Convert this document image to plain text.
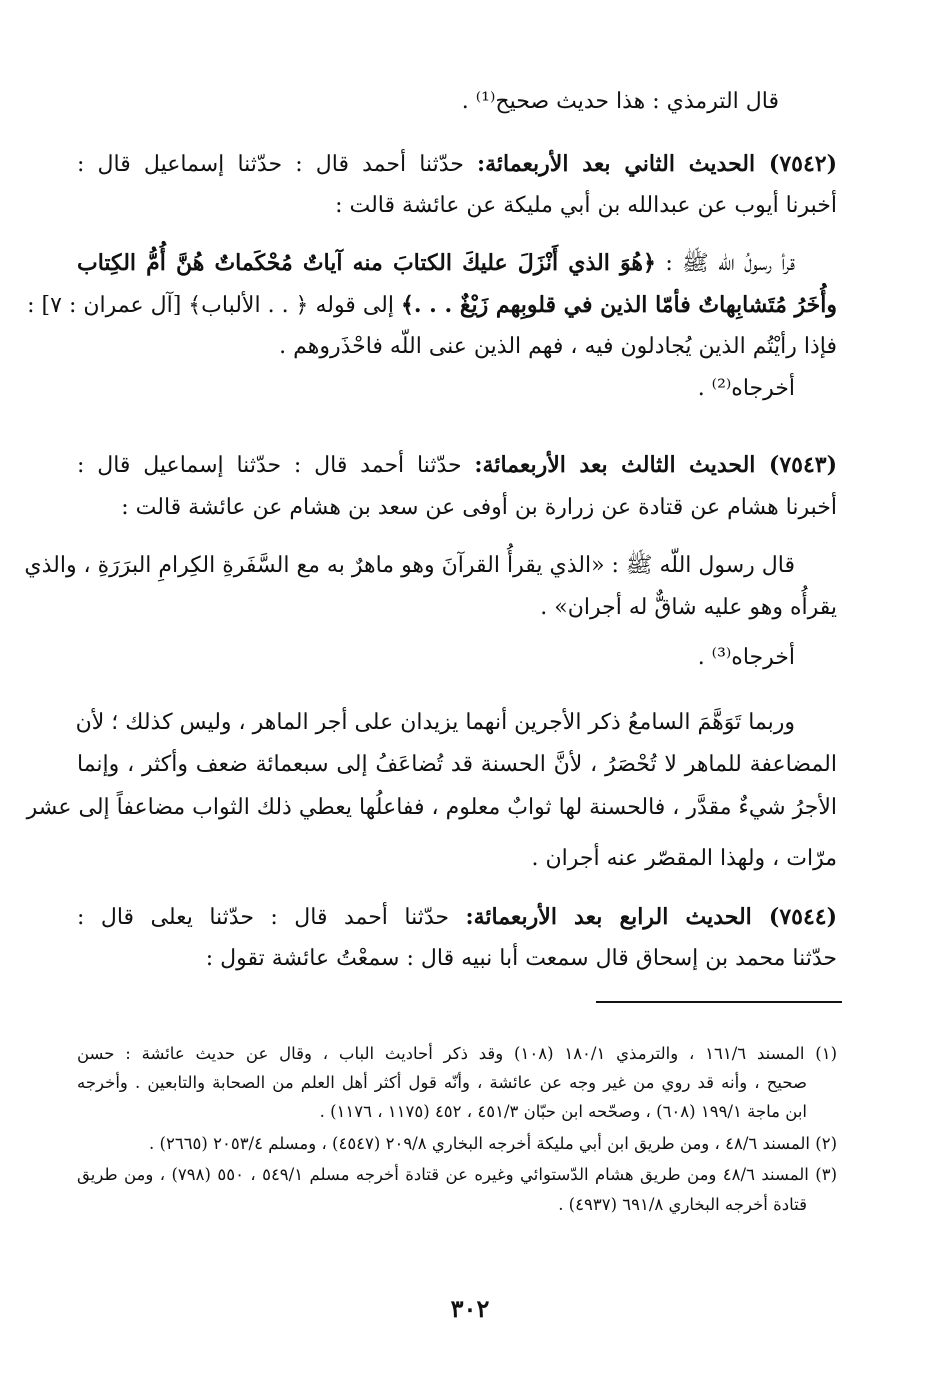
قال الترمذي : هذا حديث صحيح⁽¹⁾ .

(٧٥٤٢) الحديث الثاني بعد الأربعمائة: حدّثنا أحمد قال : حدّثنا إسماعيل قال :

أخبرنا أيوب عن عبدالله بن أبي مليكة عن عائشة قالت :

قرأ رسولُ اللّه ﷺ : ﴿هُوَ الذي أَنْزَلَ عليكَ الكتابَ منه آياتٌ مُحْكَماتٌ هُنَّ أُمُّ الكِتاب

وأُخَرُ مُتَشابِهاتٌ فأمّا الذين في قلوبِهم زَيْغٌ . . .﴾ إلى قوله ﴿ . . الألباب﴾ [آل عمران : ٧] :

فإذا رأيْتُم الذين يُجادلون فيه ، فهم الذين عنى اللّه فاحْذَروهم .

أخرجاه⁽²⁾ .

(٧٥٤٣) الحديث الثالث بعد الأربعمائة: حدّثنا أحمد قال : حدّثنا إسماعيل قال :

أخبرنا هشام عن قتادة عن زرارة بن أوفى عن سعد بن هشام عن عائشة قالت :

قال رسول اللّه ﷺ : «الذي يقرأُ القرآنَ وهو ماهرٌ به مع السَّفَرةِ الكِرامِ البرَرَةِ ، والذي

يقرأُه وهو عليه شاقٌّ له أجران» .

أخرجاه⁽³⁾ .

وربما تَوَهَّمَ السامعُ ذكر الأجرين أنهما يزيدان على أجر الماهر ، وليس كذلك ؛ لأن

المضاعفة للماهر لا تُحْصَرُ ، لأنَّ الحسنة قد تُضاعَفُ إلى سبعمائة ضعف وأكثر ، وإنما

الأجرُ شيءٌ مقدَّر ، فالحسنة لها ثوابٌ معلوم ، ففاعلُها يعطي ذلك الثواب مضاعفاً إلى عشر

مرّات ، ولهذا المقصّر عنه أجران .

(٧٥٤٤) الحديث الرابع بعد الأربعمائة: حدّثنا أحمد قال : حدّثنا يعلى قال :

حدّثنا محمد بن إسحاق قال سمعت أبا نبيه قال : سمعْتُ عائشة تقول :

(١) المسند ١٦١/٦ ، والترمذي ١٨٠/١ (١٠٨) وقد ذكر أحاديث الباب ، وقال عن حديث عائشة : حسن

صحيح ، وأنه قد روي من غير وجه عن عائشة ، وأنّه قول أكثر أهل العلم من الصحابة والتابعين . وأخرجه

ابن ماجة ١٩٩/١ (٦٠٨) ، وصحّحه ابن حبّان ٤٥١/٣ ، ٤٥٢ (١١٧٥ ، ١١٧٦) .

(٢) المسند ٤٨/٦ ، ومن طريق ابن أبي مليكة أخرجه البخاري ٢٠٩/٨ (٤٥٤٧) ، ومسلم ٢٠٥٣/٤ (٢٦٦٥) .

(٣) المسند ٤٨/٦ ومن طريق هشام الدّستوائي وغيره عن قتادة أخرجه مسلم ٥٤٩/١ ، ٥٥٠ (٧٩٨) ، ومن طريق

قتادة أخرجه البخاري ٦٩١/٨ (٤٩٣٧) .

٣٠٢
